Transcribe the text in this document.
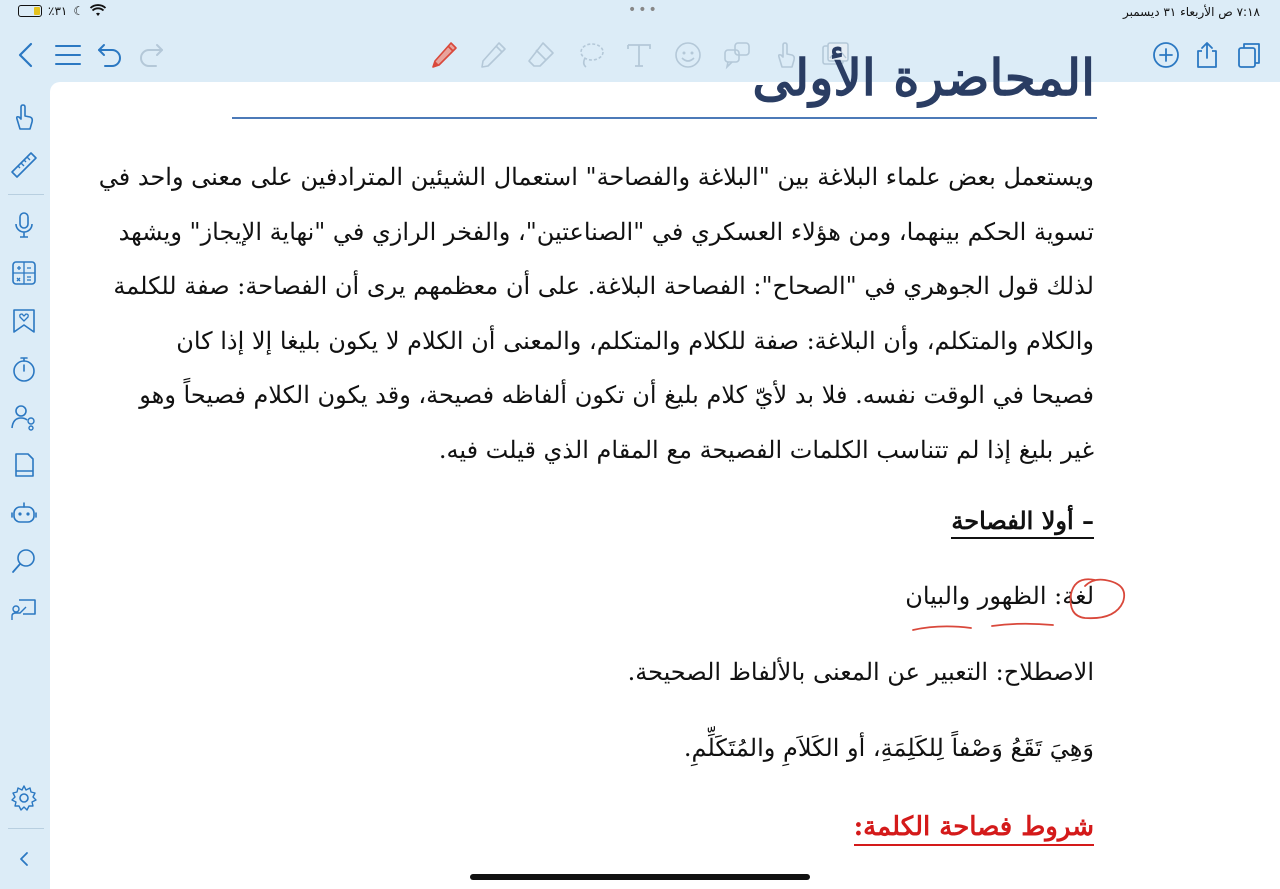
٪٣١ ☾	•••	٧:١٨ ص الأربعاء ٣١ ديسمبر
المحاضرة الأولى

ويستعمل بعض علماء البلاغة بين "البلاغة والفصاحة" استعمال الشيئين المترادفين على معنى واحد في

تسوية الحكم بينهما، ومن هؤلاء العسكري في "الصناعتين"، والفخر الرازي في "نهاية الإيجاز" ويشهد

لذلك قول الجوهري في "الصحاح": الفصاحة البلاغة. على أن معظمهم يرى أن الفصاحة: صفة للكلمة

والكلام والمتكلم، وأن البلاغة: صفة للكلام والمتكلم، والمعنى أن الكلام لا يكون بليغا إلا إذا كان

فصيحا في الوقت نفسه. فلا بد لأيّ كلام بليغ أن تكون ألفاظه فصيحة، وقد يكون الكلام فصيحاً وهو

غير بليغ إذا لم تتناسب الكلمات الفصيحة مع المقام الذي قيلت فيه.

– أولا الفصاحة
لغة: الظهور والبيان
الاصطلاح: التعبير عن المعنى بالألفاظ الصحيحة.
وَهِيَ تَقَعُ وَصْفاً لِلكَلِمَةِ، أو الكَلاَمِ والمُتَكَلِّمِ.
شروط فصاحة الكلمة:
